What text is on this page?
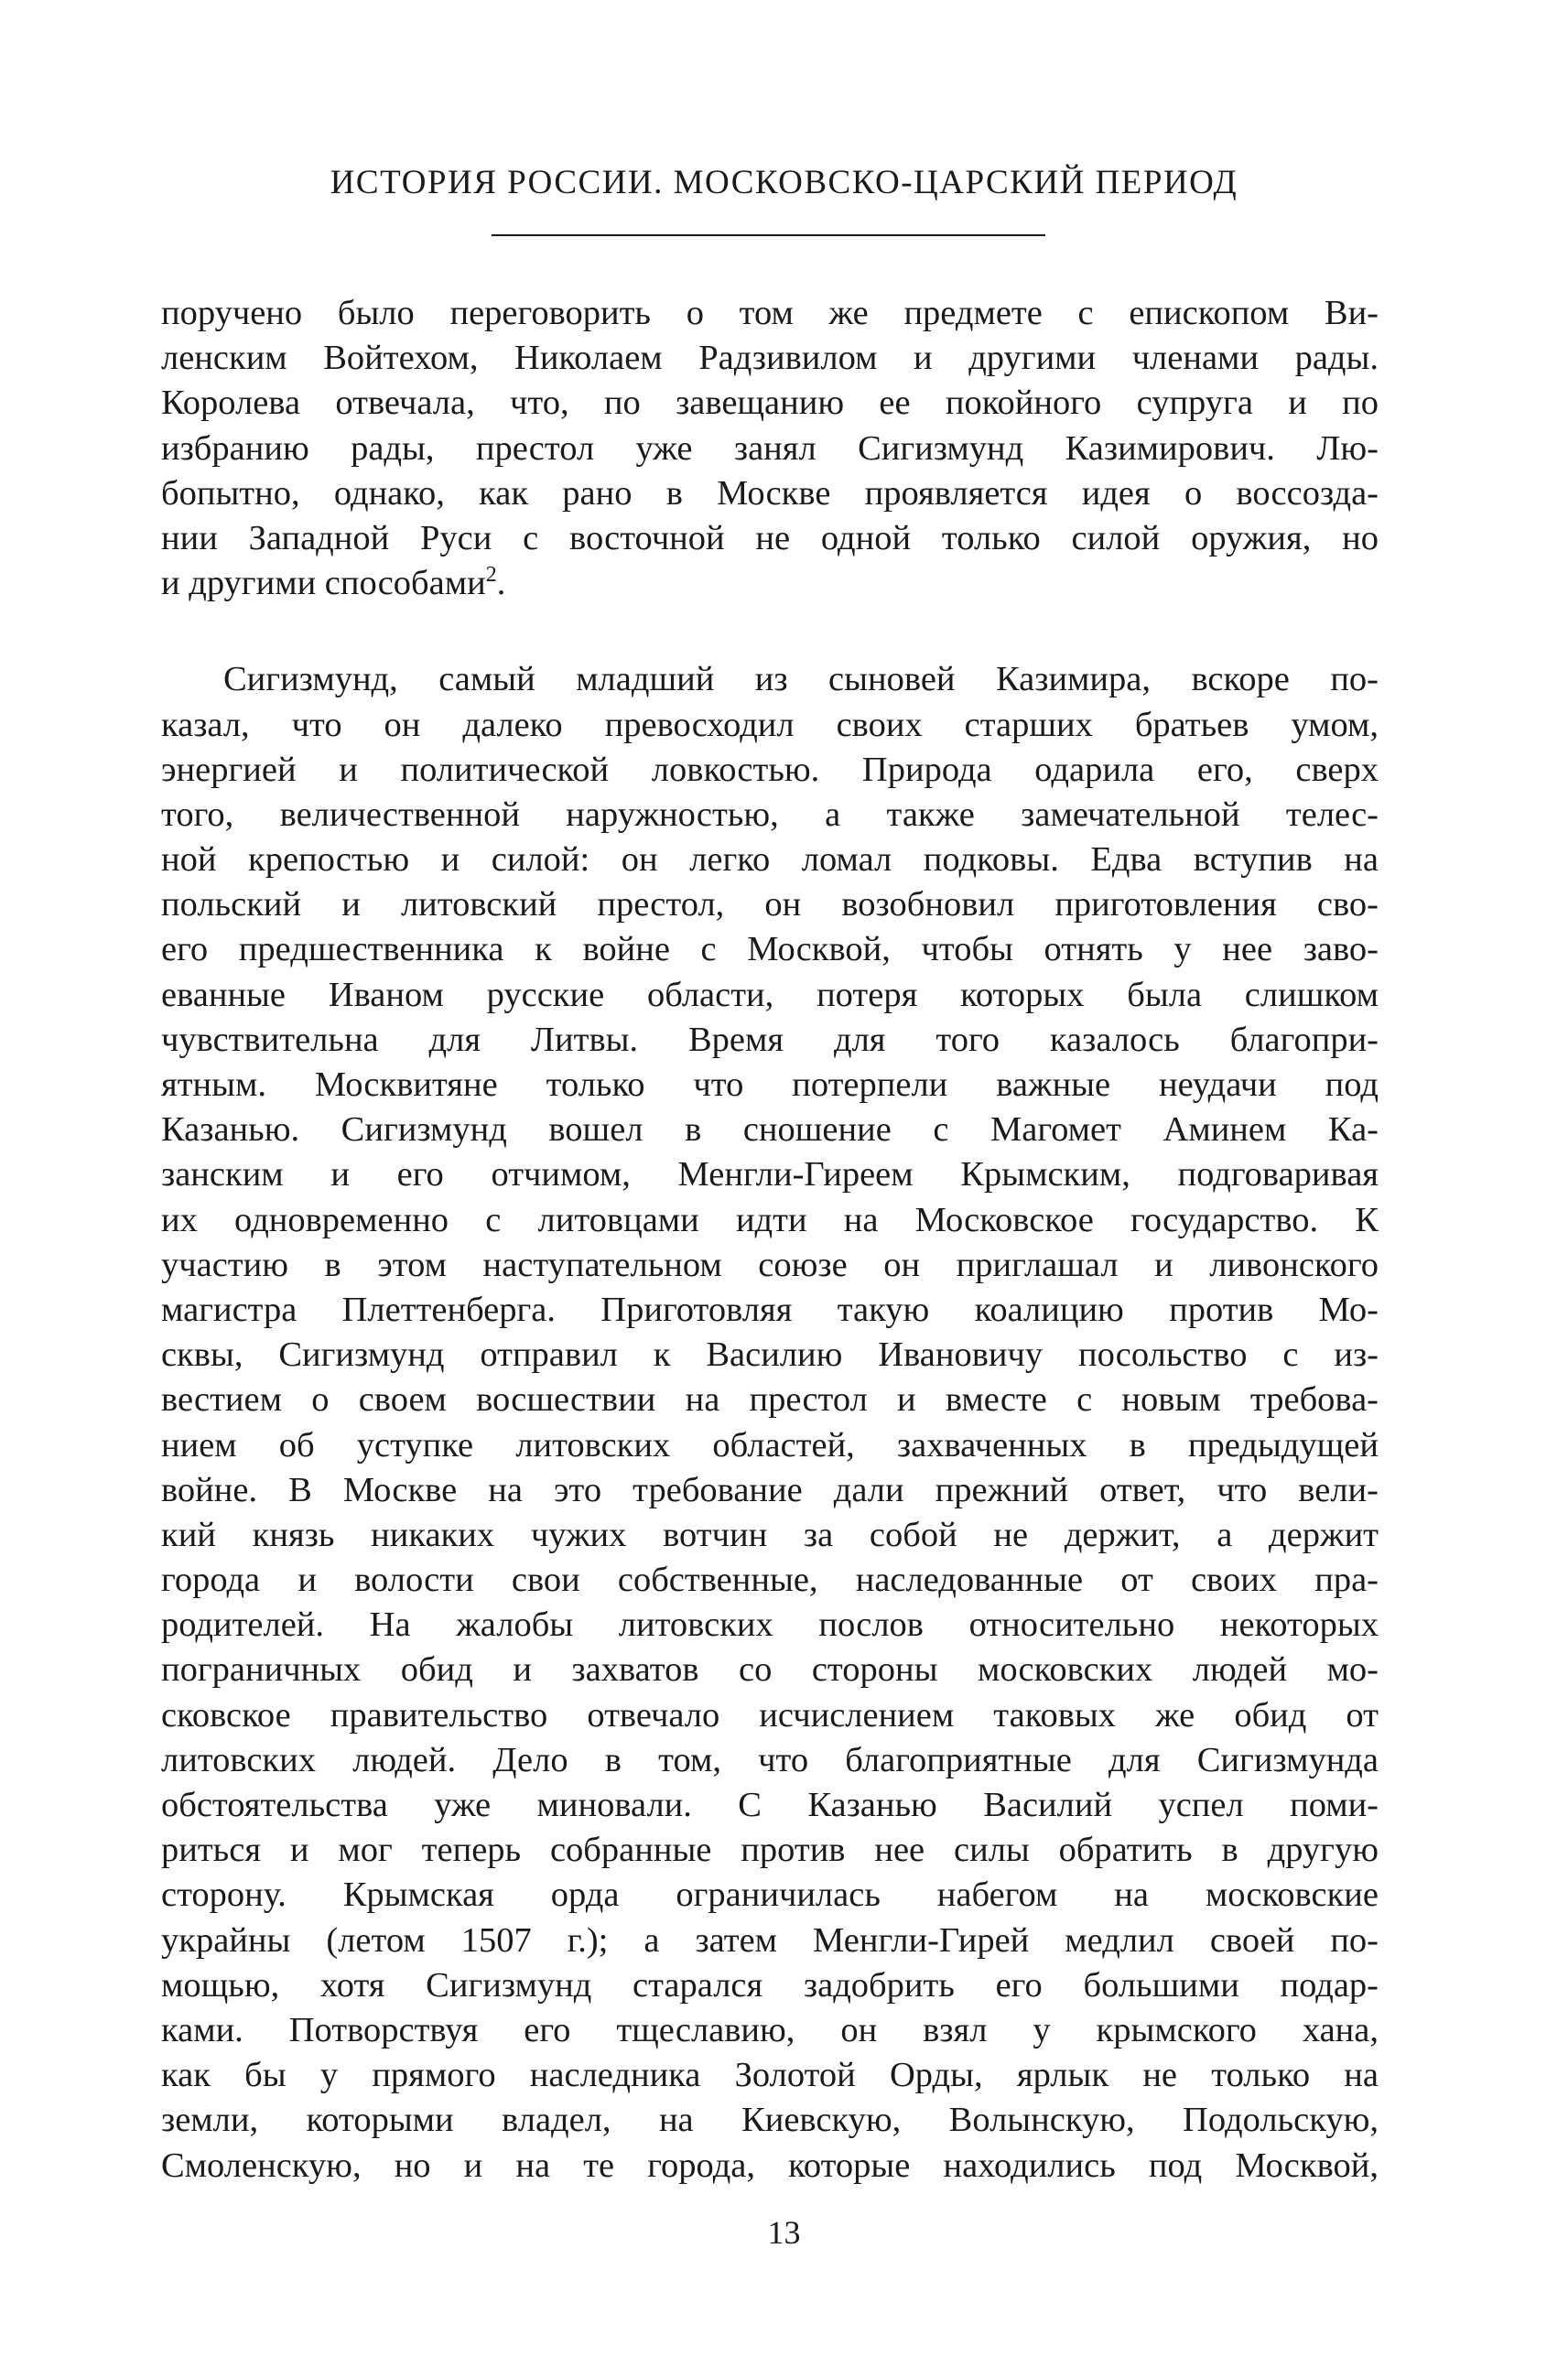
ИСТОРИЯ РОССИИ. МОСКОВСКО-ЦАРСКИЙ ПЕРИОД
поручено было переговорить о том же предмете с епископом Ви-
ленским Войтехом, Николаем Радзивилом и другими членами рады.
Королева отвечала, что, по завещанию ее покойного супруга и по
избранию рады, престол уже занял Сигизмунд Казимирович. Лю-
бопытно, однако, как рано в Москве проявляется идея о воссозда-
нии Западной Руси с восточной не одной только силой оружия, но
и другими способами$^2$.
Сигизмунд, самый младший из сыновей Казимира, вскоре по-
казал, что он далеко превосходил своих старших братьев умом,
энергией и политической ловкостью. Природа одарила его, сверх
того, величественной наружностью, а также замечательной телес-
ной крепостью и силой: он легко ломал подковы. Едва вступив на
польский и литовский престол, он возобновил приготовления сво-
его предшественника к войне с Москвой, чтобы отнять у нее заво-
еванные Иваном русские области, потеря которых была слишком
чувствительна для Литвы. Время для того казалось благопри-
ятным. Москвитяне только что потерпели важные неудачи под
Казанью. Сигизмунд вошел в сношение с Магомет Аминем Ка-
занским и его отчимом, Менгли-Гиреем Крымским, подговаривая
их одновременно с литовцами идти на Московское государство. К
участию в этом наступательном союзе он приглашал и ливонского
магистра Плеттенберга. Приготовляя такую коалицию против Мо-
сквы, Сигизмунд отправил к Василию Ивановичу посольство с из-
вестием о своем восшествии на престол и вместе с новым требова-
нием об уступке литовских областей, захваченных в предыдущей
войне. В Москве на это требование дали прежний ответ, что вели-
кий князь никаких чужих вотчин за собой не держит, а держит
города и волости свои собственные, наследованные от своих пра-
родителей. На жалобы литовских послов относительно некоторых
пограничных обид и захватов со стороны московских людей мо-
сковское правительство отвечало исчислением таковых же обид от
литовских людей. Дело в том, что благоприятные для Сигизмунда
обстоятельства уже миновали. С Казанью Василий успел поми-
риться и мог теперь собранные против нее силы обратить в другую
сторону. Крымская орда ограничилась набегом на московские
украйны (летом 1507 г.); а затем Менгли-Гирей медлил своей по-
мощью, хотя Сигизмунд старался задобрить его большими подар-
ками. Потворствуя его тщеславию, он взял у крымского хана,
как бы у прямого наследника Золотой Орды, ярлык не только на
земли, которыми владел, на Киевскую, Волынскую, Подольскую,
Смоленскую, но и на те города, которые находились под Москвой,
13
